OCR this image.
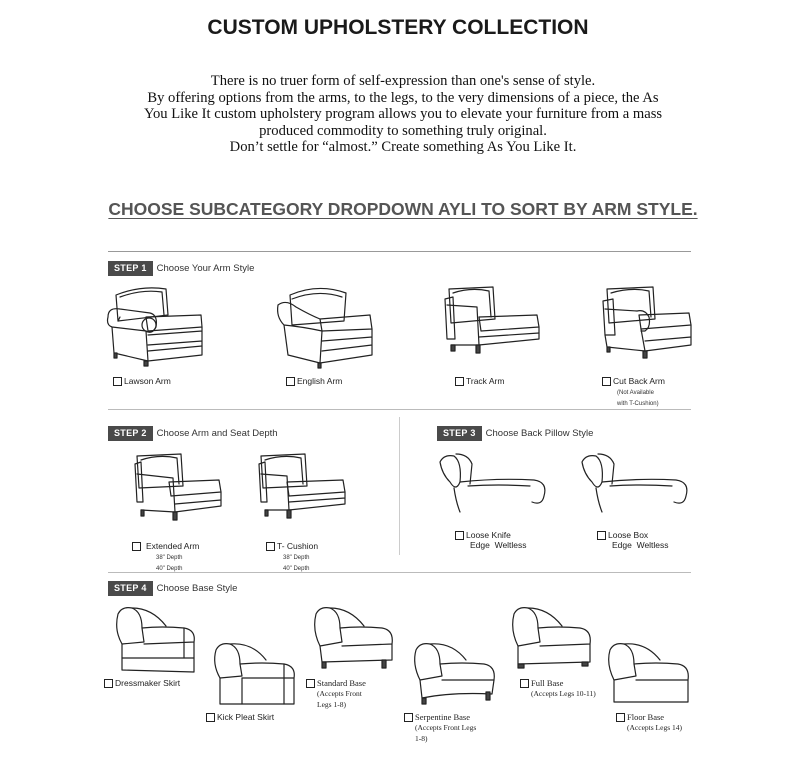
CUSTOM UPHOLSTERY COLLECTION
There is no truer form of self-expression than one's sense of style.
By offering options from the arms, to the legs, to the very dimensions of a piece, the As
You Like It custom upholstery program allows you to elevate your furniture from a mass
produced commodity to something truly original.
Don’t settle for “almost.” Create something As You Like It.
CHOOSE SUBCATEGORY DROPDOWN AYLI TO SORT BY ARM STYLE.
STEP 1	Choose Your Arm Style
Lawson Arm	English Arm	Track Arm	Cut Back Arm
(Not Available
with T-Cushion)
STEP 2	Choose Arm and Seat Depth
Extended Arm
38" Depth
40" Depth
T- Cushion
38" Depth
40" Depth
STEP 3	Choose Back Pillow Style
Loose Knife
Edge  Weltless
Loose Box
Edge  Weltless
STEP 4	Choose Base Style
Dressmaker Skirt
Kick Pleat Skirt
Standard Base
(Accepts Front
Legs 1-8)
Serpentine Base
(Accepts Front Legs
1-8)
Full Base
(Accepts Legs 10-11)
Floor Base
(Accepts Legs 14)
